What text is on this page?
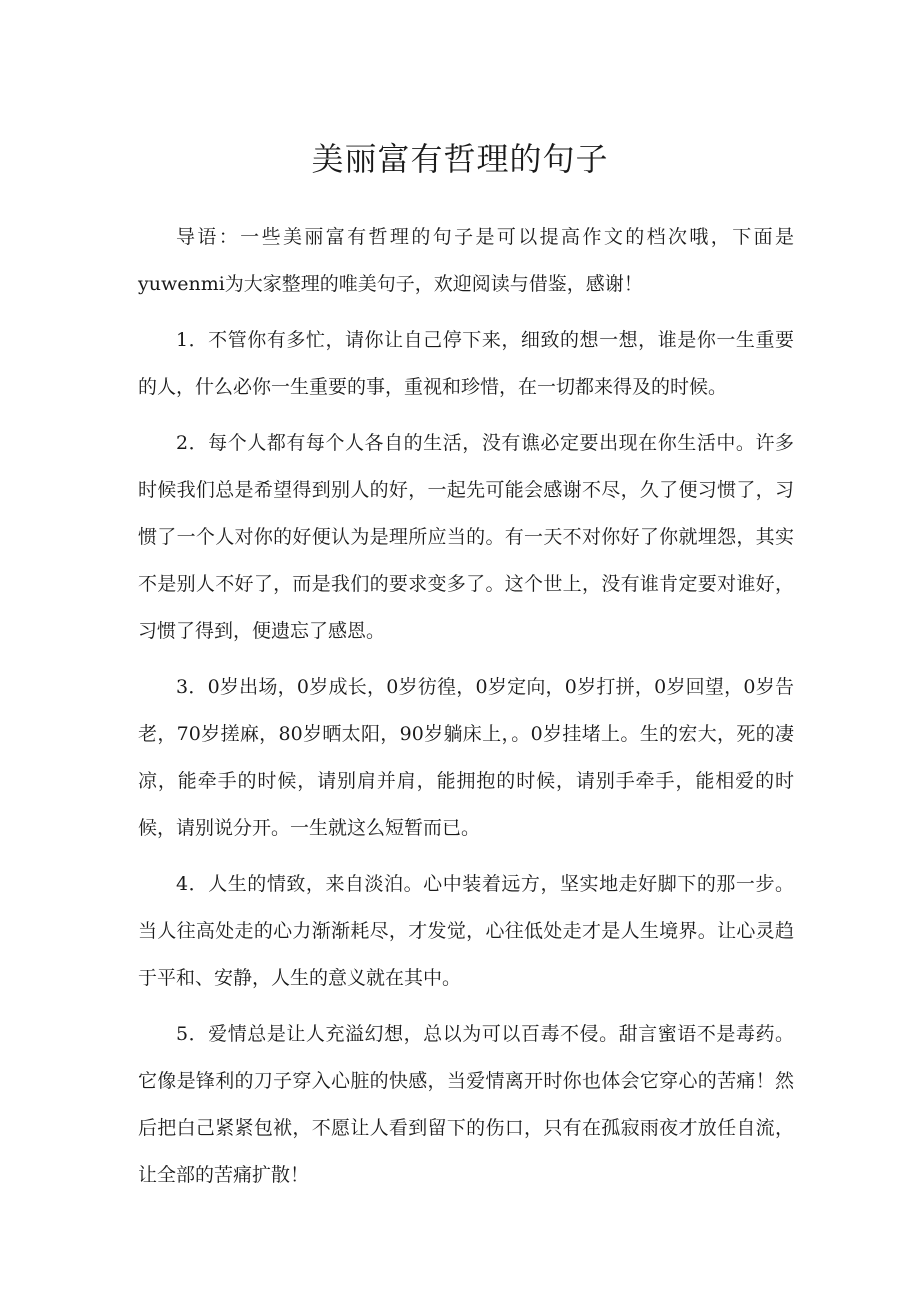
美丽富有哲理的句子

导语：一些美丽富有哲理的句子是可以提高作文的档次哦，下面是yuwenmi为大家整理的唯美句子，欢迎阅读与借鉴，感谢！

1．不管你有多忙，请你让自己停下来，细致的想一想，谁是你一生重要的人，什么必你一生重要的事，重视和珍惜，在一切都来得及的时候。

2．每个人都有每个人各自的生活，没有谯必定要出现在你生活中。许多时候我们总是希望得到别人的好，一起先可能会感谢不尽，久了便习惯了，习惯了一个人对你的好便认为是理所应当的。有一天不对你好了你就埋怨，其实不是别人不好了，而是我们的要求变多了。这个世上，没有谁肯定要对谁好，习惯了得到，便遗忘了感恩。

3．0岁出场，0岁成长，0岁彷徨，0岁定向，0岁打拼，0岁回望，0岁告老，70岁搓麻，80岁晒太阳，90岁躺床上，。0岁挂堵上。生的宏大，死的凄凉，能牵手的时候，请别肩并肩，能拥抱的时候，请别手牵手，能相爱的时候，请别说分开。一生就这么短暂而已。

4．人生的情致，来自淡泊。心中装着远方，坚实地走好脚下的那一步。当人往高处走的心力渐渐耗尽，才发觉，心往低处走才是人生境界。让心灵趋于平和、安静，人生的意义就在其中。

5．爱情总是让人充溢幻想，总以为可以百毒不侵。甜言蜜语不是毒药。它像是锋利的刀子穿入心脏的快感，当爱情离开时你也体会它穿心的苦痛！然后把白己紧紧包袱，不愿让人看到留下的伤口，只有在孤寂雨夜才放任自流，让全部的苦痛扩散！
